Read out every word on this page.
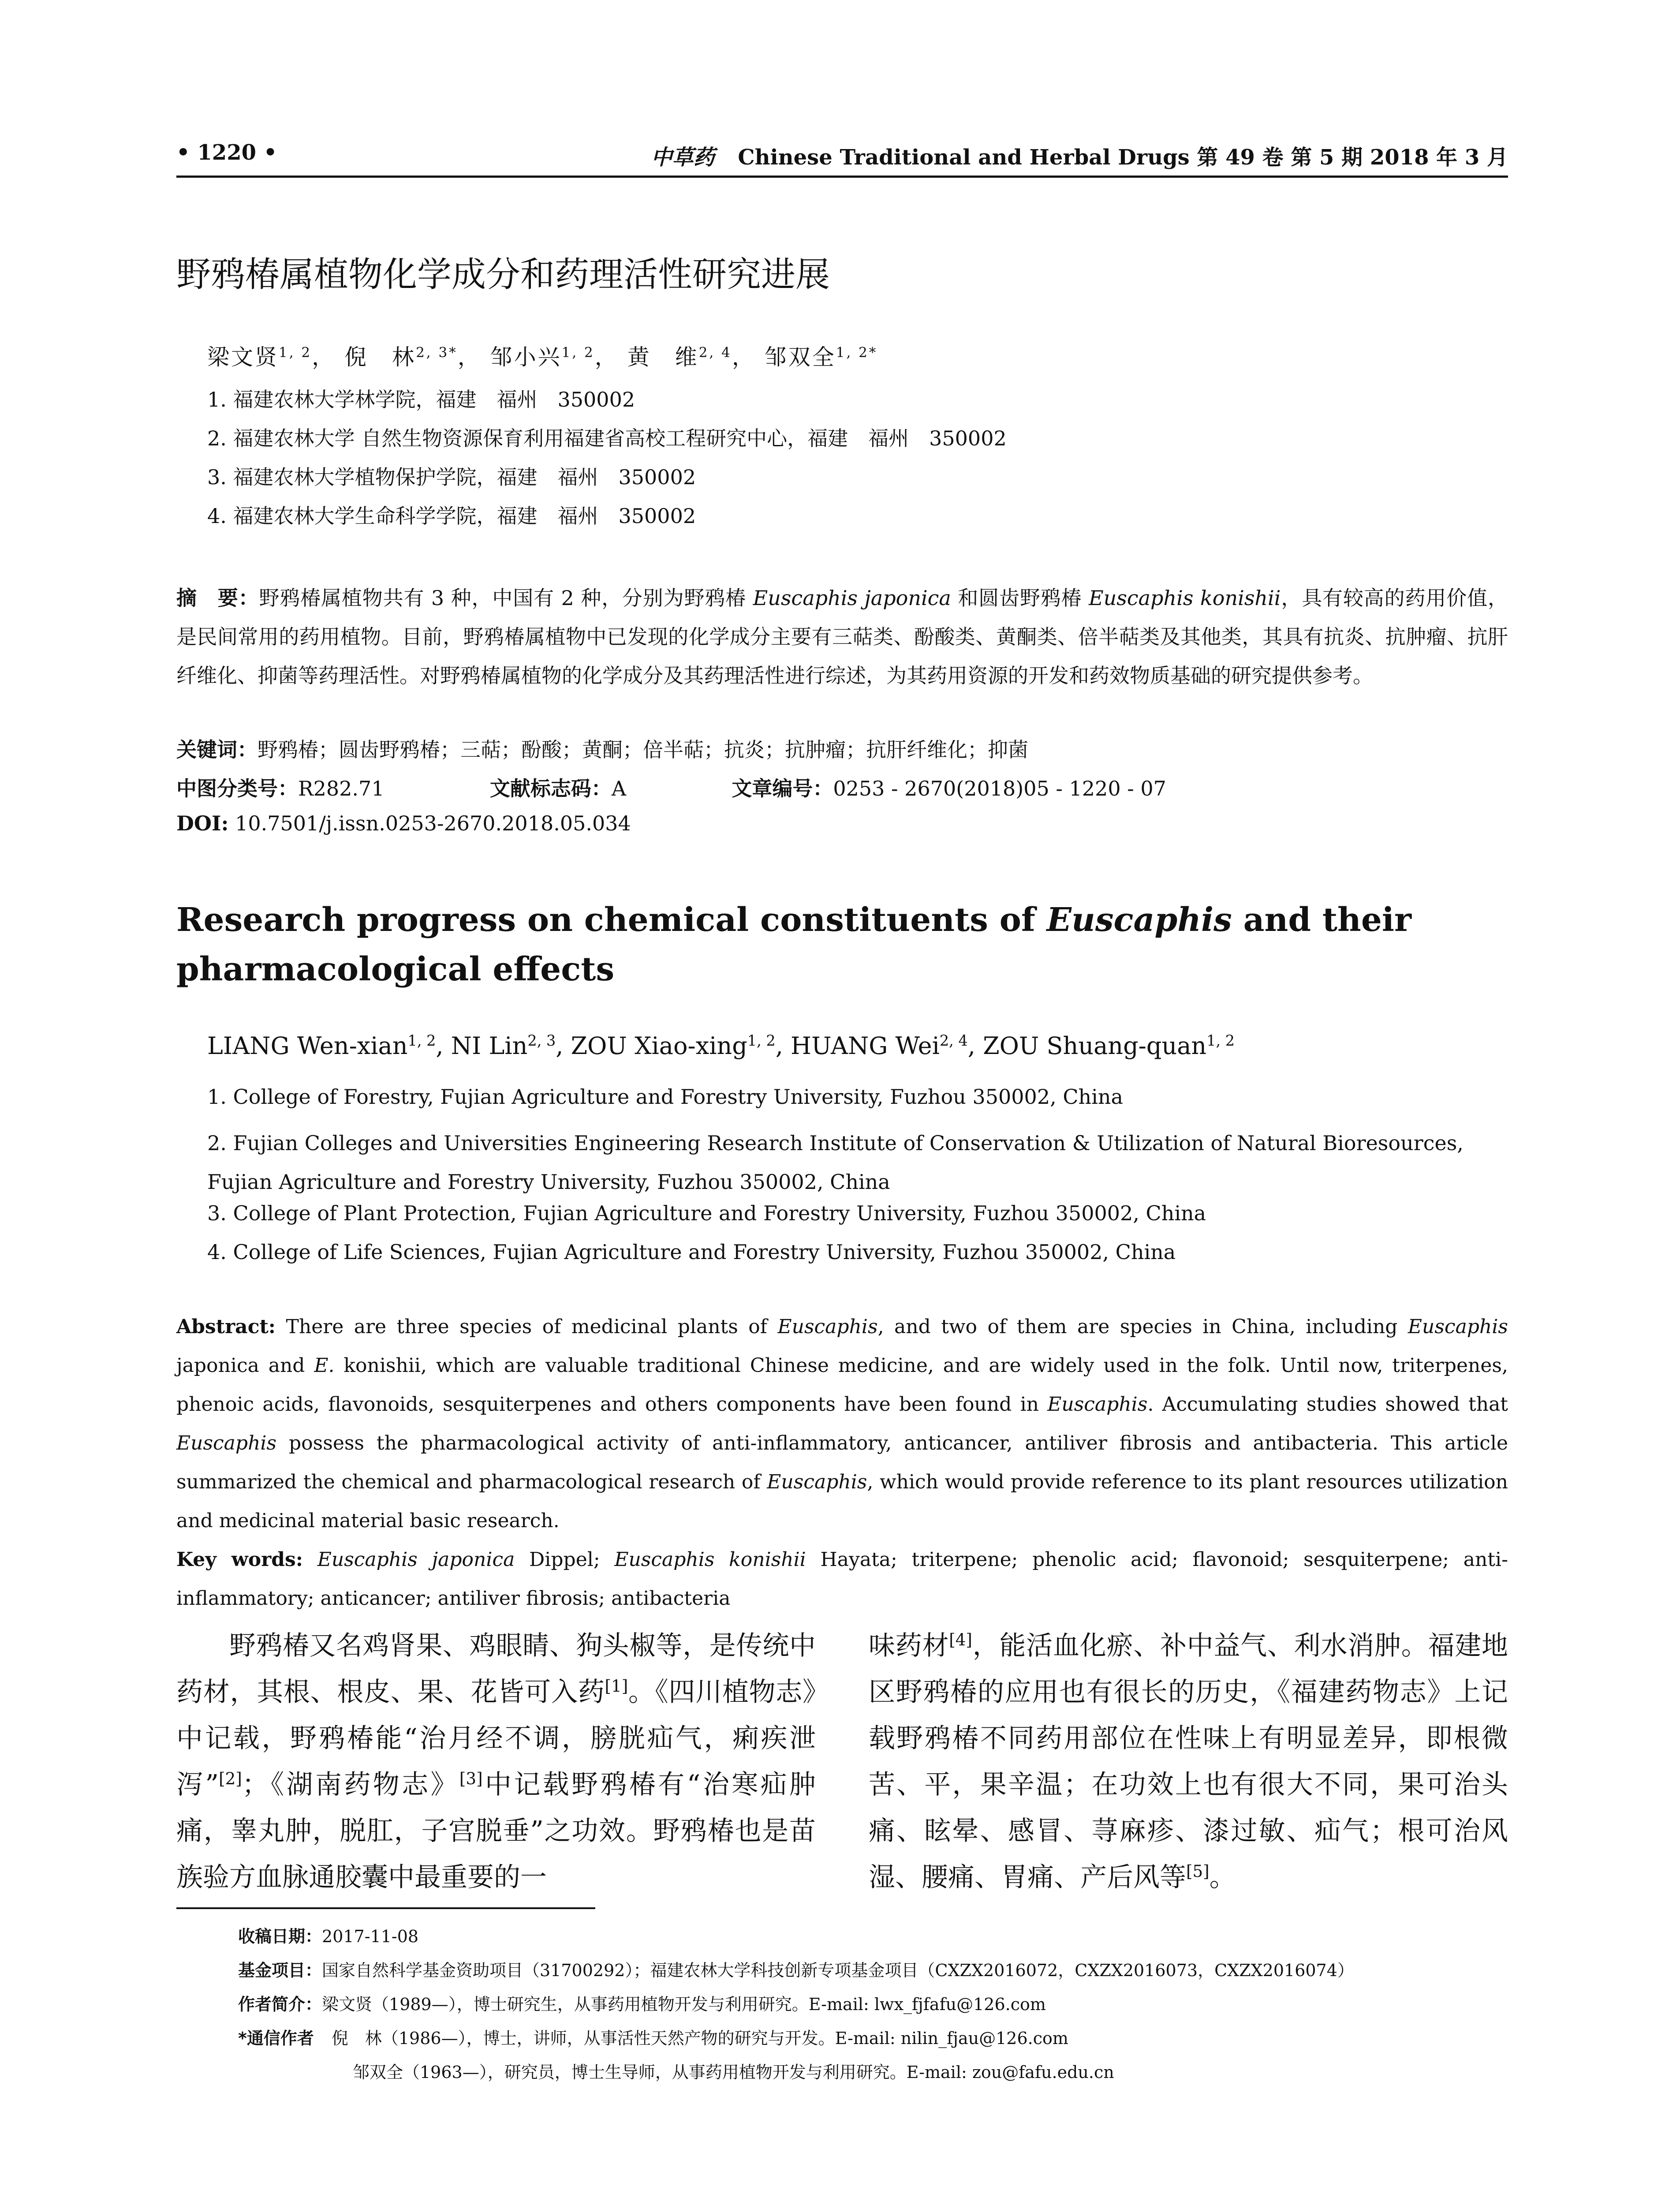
• 1220 •	中草药 Chinese Traditional and Herbal Drugs 第 49 卷 第 5 期 2018 年 3 月
野鸦椿属植物化学成分和药理活性研究进展
梁文贤$^{1, 2}$， 倪　林$^{2, 3*}$， 邹小兴$^{1, 2}$， 黄　维$^{2, 4}$， 邹双全$^{1, 2*}$
1. 福建农林大学林学院，福建　福州　350002
2. 福建农林大学 自然生物资源保育利用福建省高校工程研究中心，福建　福州　350002
3. 福建农林大学植物保护学院，福建　福州　350002
4. 福建农林大学生命科学学院，福建　福州　350002
摘　要：野鸦椿属植物共有 3 种，中国有 2 种，分别为野鸦椿 Euscaphis japonica 和圆齿野鸦椿 Euscaphis konishii，具有较高的药用价值，是民间常用的药用植物。目前，野鸦椿属植物中已发现的化学成分主要有三萜类、酚酸类、黄酮类、倍半萜类及其他类，其具有抗炎、抗肿瘤、抗肝纤维化、抑菌等药理活性。对野鸦椿属植物的化学成分及其药理活性进行综述，为其药用资源的开发和药效物质基础的研究提供参考。
关键词：野鸦椿；圆齿野鸦椿；三萜；酚酸；黄酮；倍半萜；抗炎；抗肿瘤；抗肝纤维化；抑菌
中图分类号：R282.71	文献标志码：A	文章编号：0253 - 2670(2018)05 - 1220 - 07
DOI: 10.7501/j.issn.0253-2670.2018.05.034
Research progress on chemical constituents of Euscaphis and their pharmacological effects
LIANG Wen-xian$^{1, 2}$, NI Lin$^{2, 3}$, ZOU Xiao-xing$^{1, 2}$, HUANG Wei$^{2, 4}$, ZOU Shuang-quan$^{1, 2}$
1. College of Forestry, Fujian Agriculture and Forestry University, Fuzhou 350002, China
2. Fujian Colleges and Universities Engineering Research Institute of Conservation & Utilization of Natural Bioresources, Fujian Agriculture and Forestry University, Fuzhou 350002, China
3. College of Plant Protection, Fujian Agriculture and Forestry University, Fuzhou 350002, China
4. College of Life Sciences, Fujian Agriculture and Forestry University, Fuzhou 350002, China
Abstract: There are three species of medicinal plants of Euscaphis, and two of them are species in China, including Euscaphis japonica and E. konishii, which are valuable traditional Chinese medicine, and are widely used in the folk. Until now, triterpenes, phenoic acids, flavonoids, sesquiterpenes and others components have been found in Euscaphis. Accumulating studies showed that Euscaphis possess the pharmacological activity of anti-inflammatory, anticancer, antiliver fibrosis and antibacteria. This article summarized the chemical and pharmacological research of Euscaphis, which would provide reference to its plant resources utilization and medicinal material basic research.
Key words: Euscaphis japonica Dippel; Euscaphis konishii Hayata; triterpene; phenolic acid; flavonoid; sesquiterpene; anti-inflammatory; anticancer; antiliver fibrosis; antibacteria
野鸦椿又名鸡肾果、鸡眼睛、狗头椒等，是传统中药材，其根、根皮、果、花皆可入药[1]。《四川植物志》中记载，野鸦椿能“治月经不调，膀胱疝气，痢疾泄泻”[2]；《湖南药物志》[3]中记载野鸦椿有“治寒疝肿痛，睾丸肿，脱肛，子宫脱垂”之功效。野鸦椿也是苗族验方血脉通胶囊中最重要的一
味药材[4]，能活血化瘀、补中益气、利水消肿。福建地区野鸦椿的应用也有很长的历史，《福建药物志》上记载野鸦椿不同药用部位在性味上有明显差异，即根微苦、平，果辛温；在功效上也有很大不同，果可治头痛、眩晕、感冒、荨麻疹、漆过敏、疝气；根可治风湿、腰痛、胃痛、产后风等[5]。
收稿日期：2017-11-08
基金项目：国家自然科学基金资助项目（31700292）；福建农林大学科技创新专项基金项目（CXZX2016072，CXZX2016073，CXZX2016074）
作者简介：梁文贤（1989—），博士研究生，从事药用植物开发与利用研究。E-mail: lwx_fjfafu@126.com
*通信作者 倪　林（1986—），博士，讲师，从事活性天然产物的研究与开发。E-mail: nilin_fjau@126.com
邹双全（1963—），研究员，博士生导师，从事药用植物开发与利用研究。E-mail: zou@fafu.edu.cn
